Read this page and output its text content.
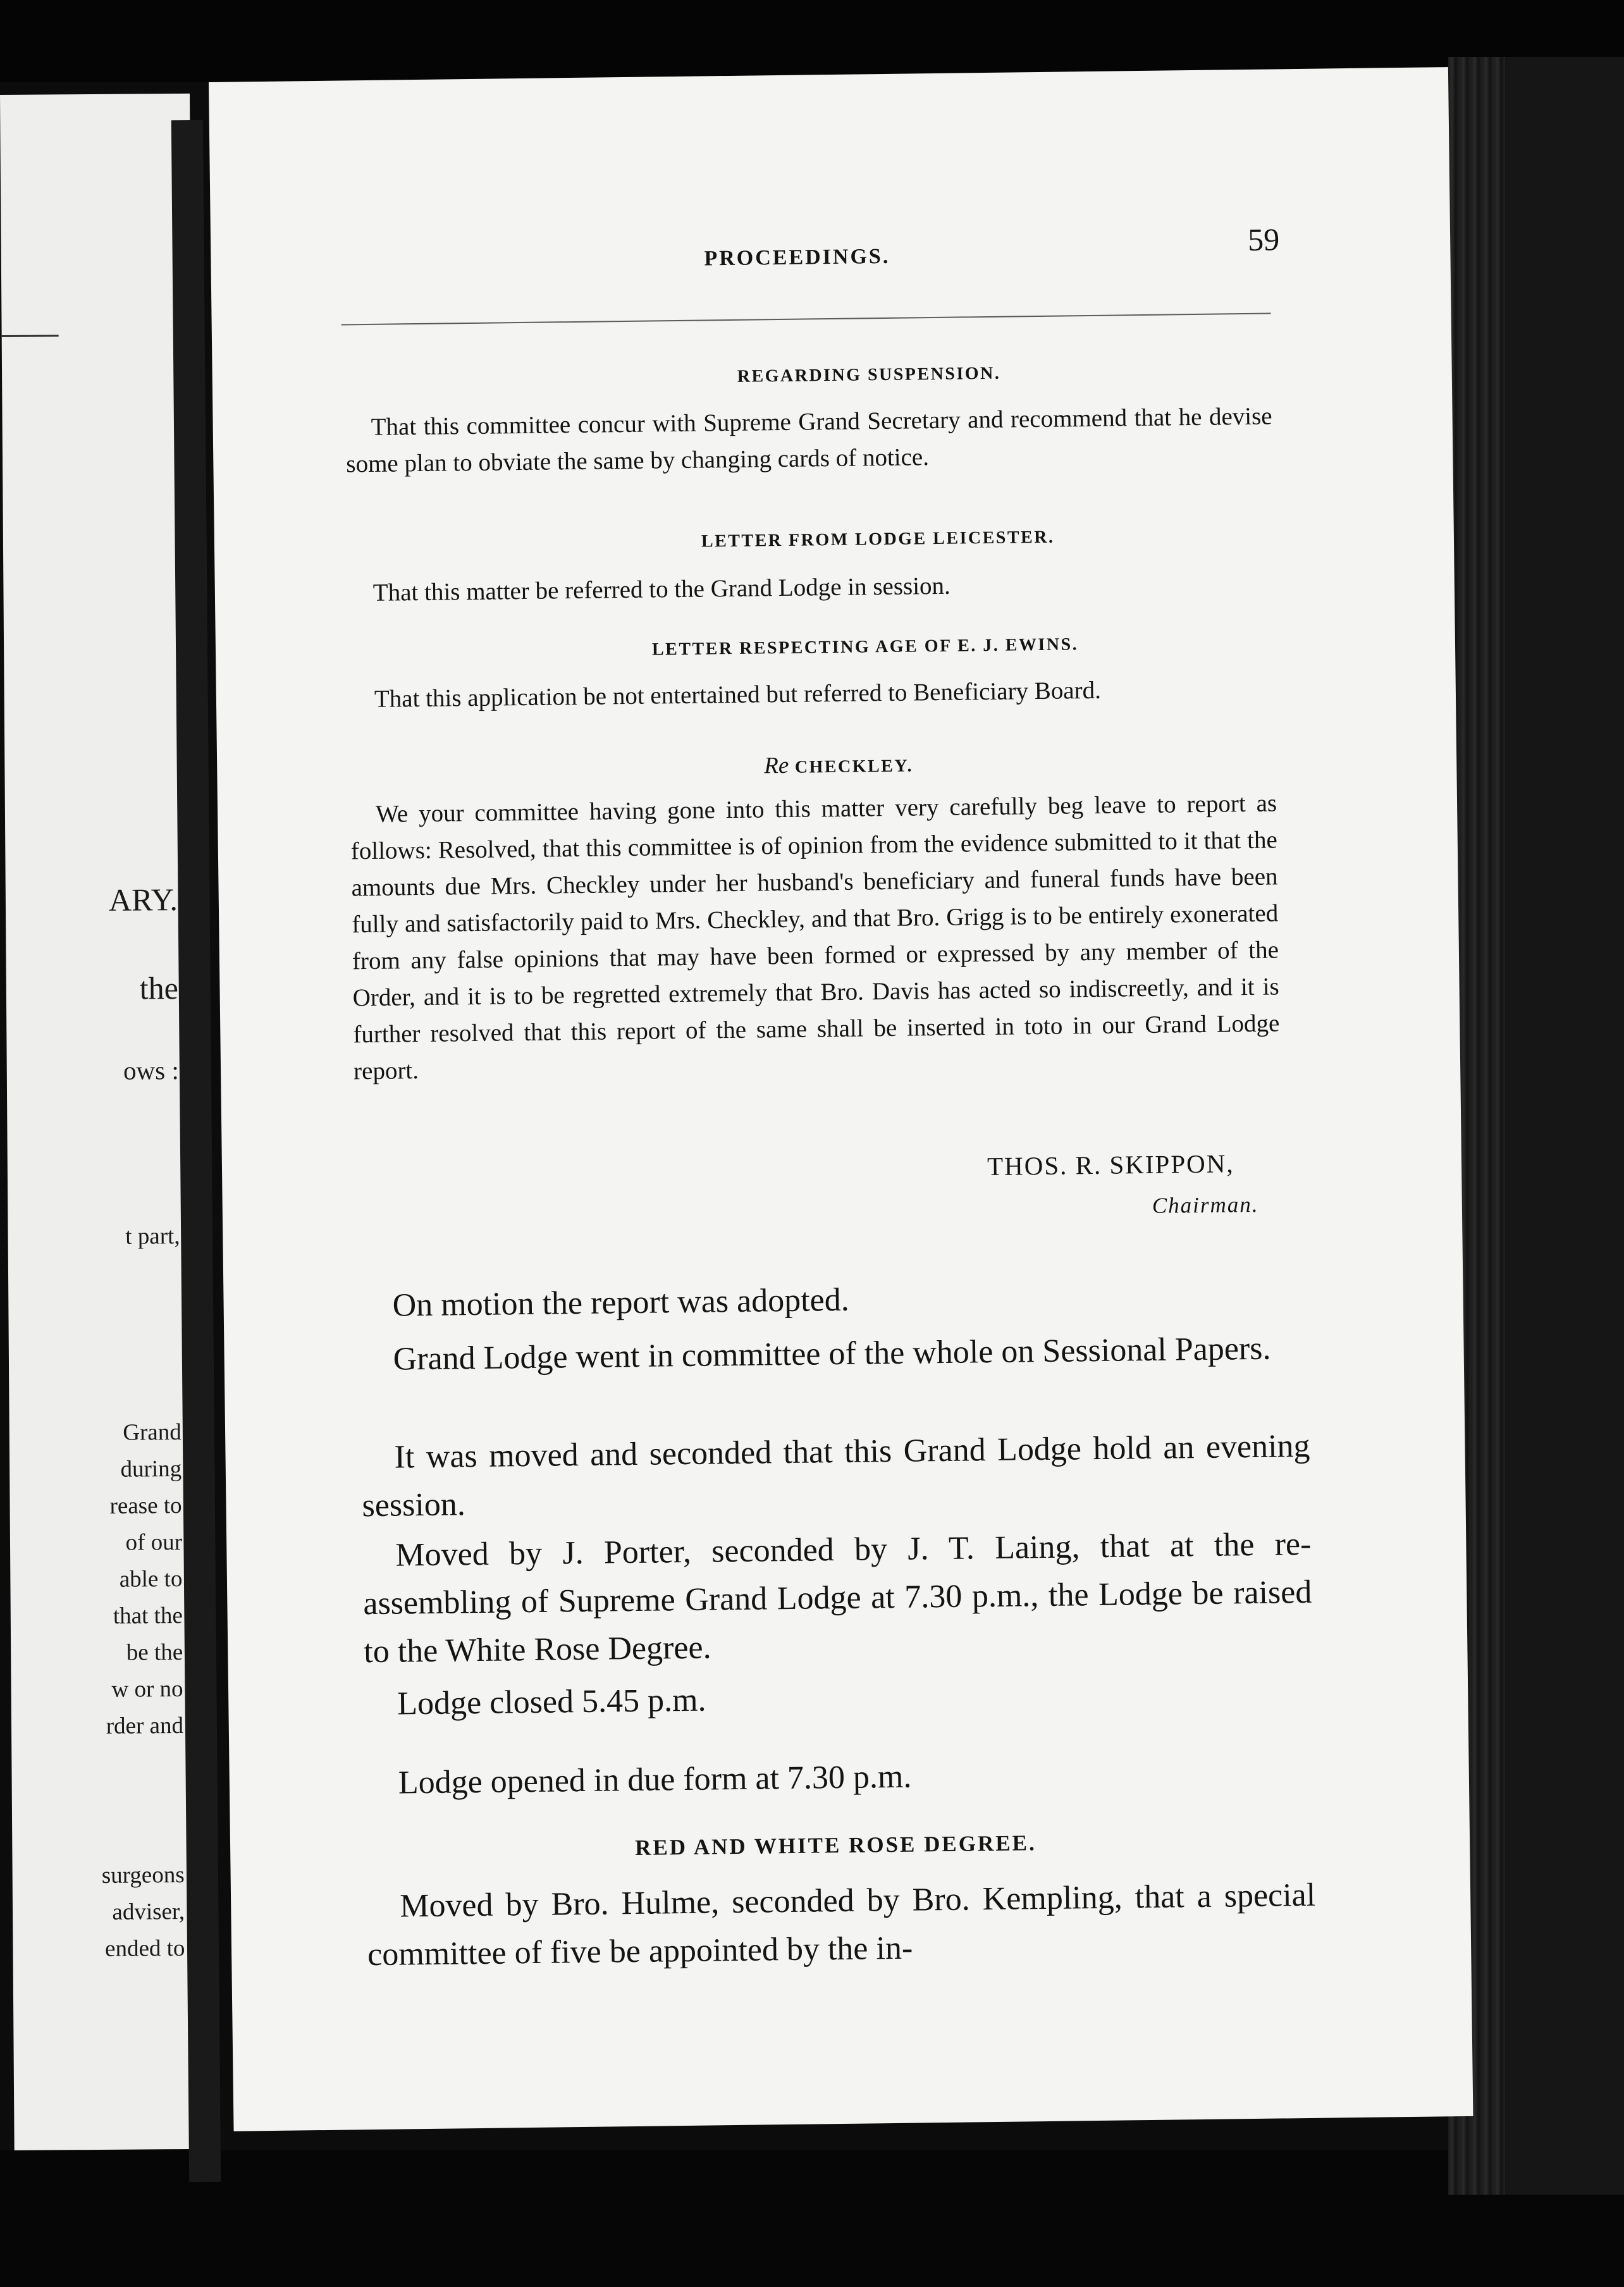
ARY.
the
ows :
t part,
Grand
during
rease to
of our
able to
that the
be the
w or no
rder and
surgeons
adviser,
ended to
PROCEEDINGS.
59
REGARDING SUSPENSION.
That this committee concur with Supreme Grand Secretary and recommend that he devise some plan to obviate the same by changing cards of notice.
LETTER FROM LODGE LEICESTER.
That this matter be referred to the Grand Lodge in session.
LETTER RESPECTING AGE OF E. J. EWINS.
That this application be not entertained but referred to Beneficiary Board.
Re CHECKLEY.
We your committee having gone into this matter very carefully beg leave to report as follows: Resolved, that this committee is of opinion from the evidence submitted to it that the amounts due Mrs. Checkley under her husband's beneficiary and funeral funds have been fully and satisfactorily paid to Mrs. Checkley, and that Bro. Grigg is to be entirely exonerated from any false opinions that may have been formed or expressed by any member of the Order, and it is to be regretted extremely that Bro. Davis has acted so indiscreetly, and it is further resolved that this report of the same shall be inserted in toto in our Grand Lodge report.
THOS. R. SKIPPON,
Chairman.
On motion the report was adopted.
Grand Lodge went in committee of the whole on Sessional Papers.
It was moved and seconded that this Grand Lodge hold an evening session.
Moved by J. Porter, seconded by J. T. Laing, that at the re-assembling of Supreme Grand Lodge at 7.30 p.m., the Lodge be raised to the White Rose Degree.
Lodge closed 5.45 p.m.
Lodge opened in due form at 7.30 p.m.
RED AND WHITE ROSE DEGREE.
Moved by Bro. Hulme, seconded by Bro. Kempling, that a special committee of five be appointed by the in-
